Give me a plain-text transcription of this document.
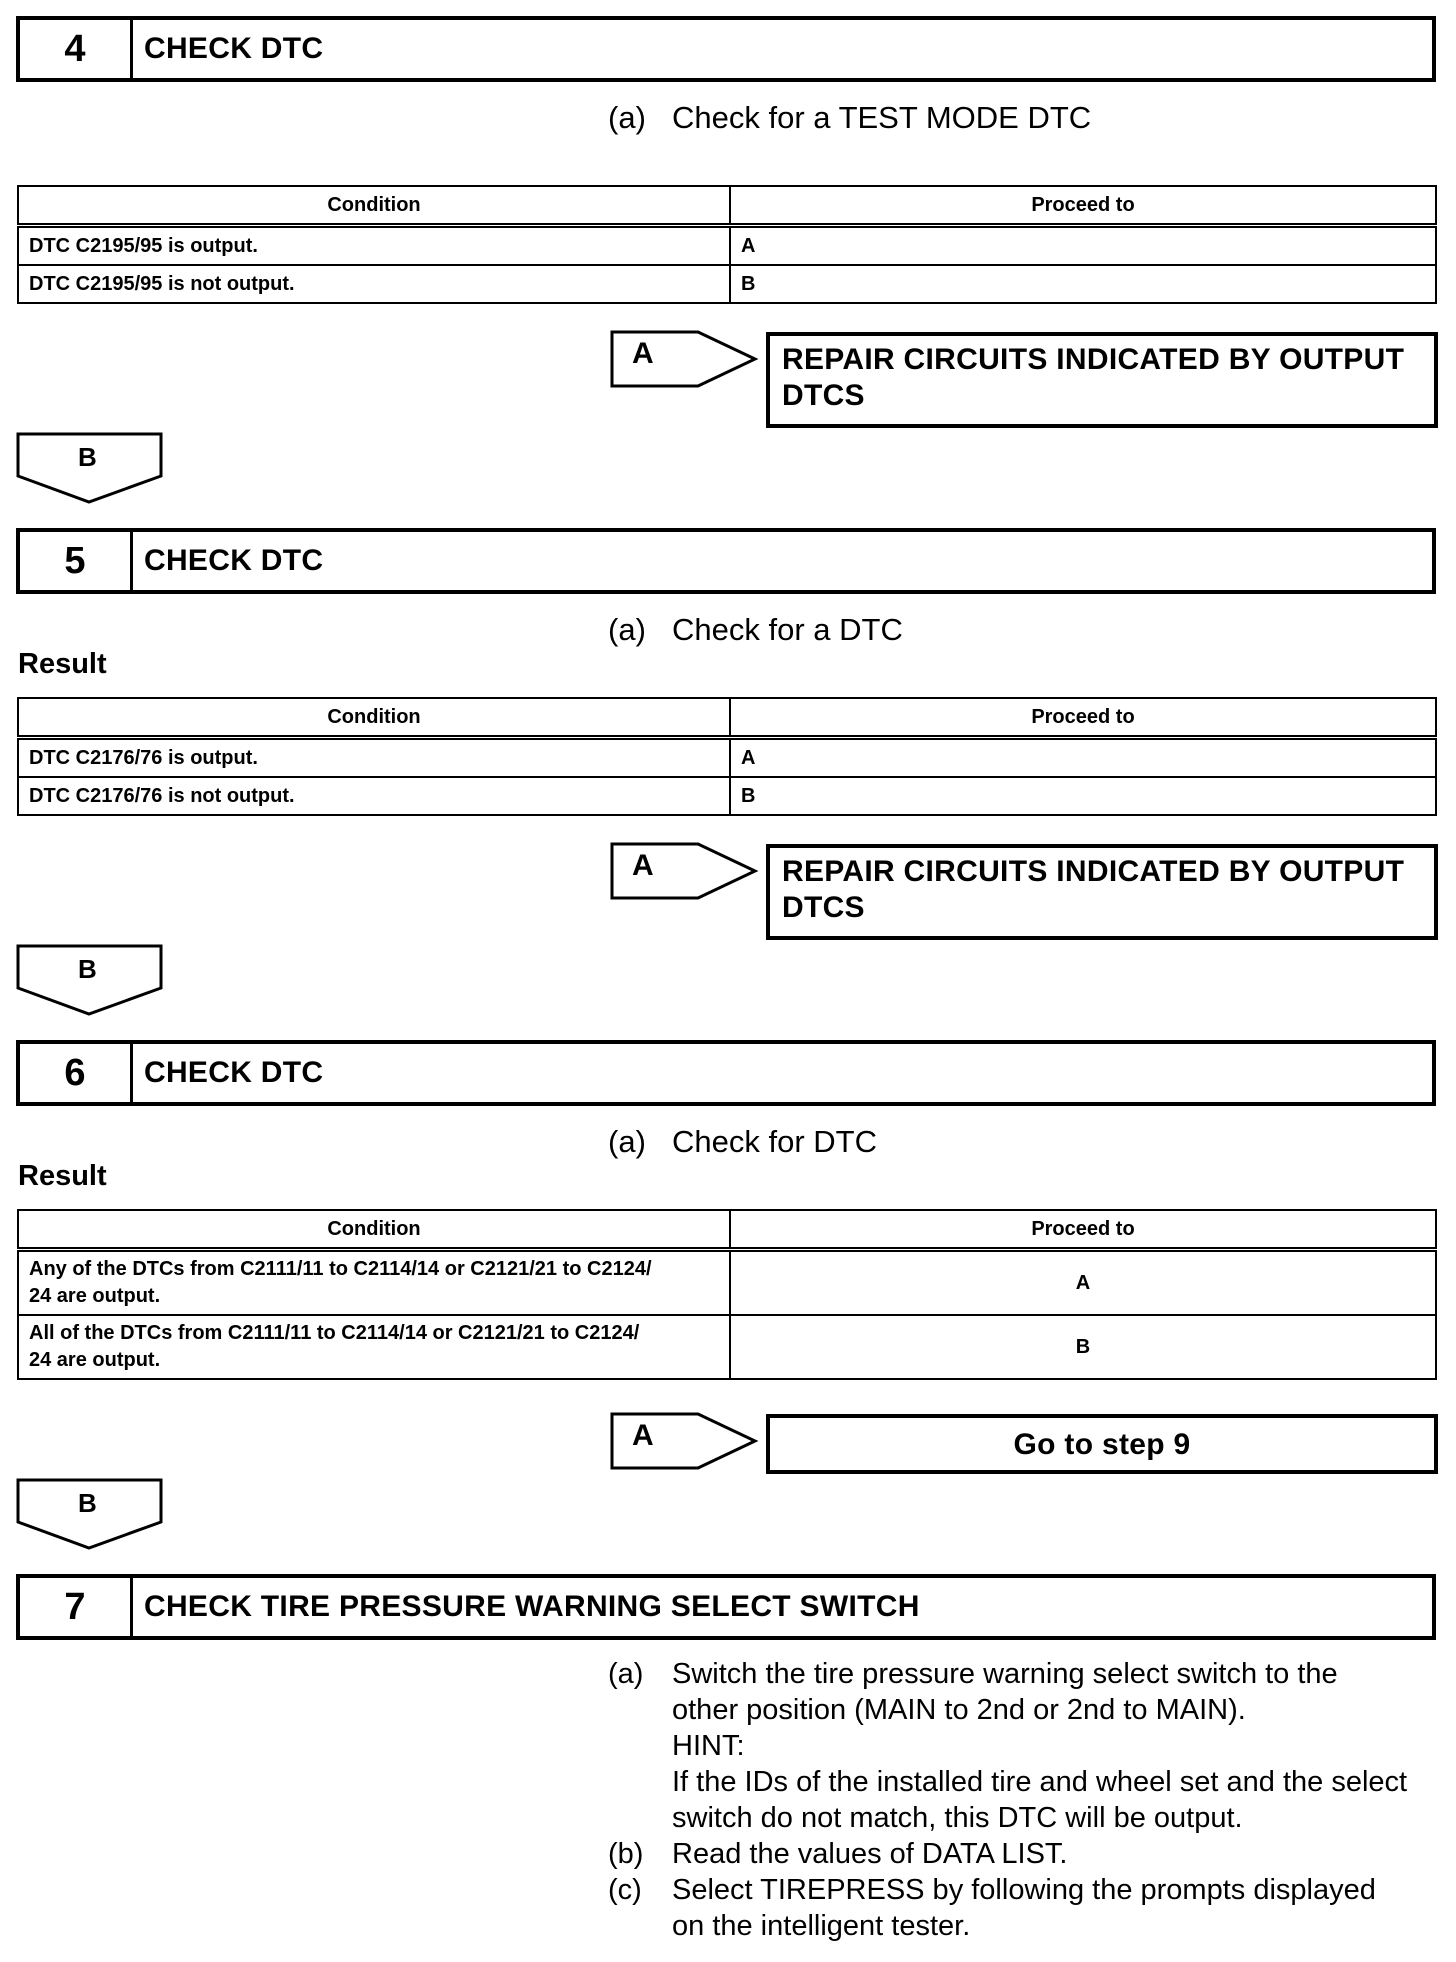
4	CHECK DTC
(a) Check for a TEST MODE DTC
Condition	Proceed to
DTC C2195/95 is output.	A
DTC C2195/95 is not output.	B
A	REPAIR CIRCUITS INDICATED BY OUTPUT
DTCS
B
5	CHECK DTC
(a) Check for a DTC
Result
Condition	Proceed to
DTC C2176/76 is output.	A
DTC C2176/76 is not output.	B
A	REPAIR CIRCUITS INDICATED BY OUTPUT
DTCS
B
6	CHECK DTC
(a) Check for DTC
Result
Condition	Proceed to

Any of the DTCs from C2111/11 to C2114/14 or C2121/21 to C2124/
24 are output.	A

All of the DTCs from C2111/11 to C2114/14 or C2121/21 to C2124/
24 are output.	B
A	Go to step 9
B
7	CHECK TIRE PRESSURE WARNING SELECT SWITCH
(a) Switch the tire pressure warning select switch to the
other position (MAIN to 2nd or 2nd to MAIN).
HINT:
If the IDs of the installed tire and wheel set and the select
switch do not match, this DTC will be output.
(b) Read the values of DATA LIST.
(c)	Select TIREPRESS by following the prompts displayed
on the intelligent tester.
